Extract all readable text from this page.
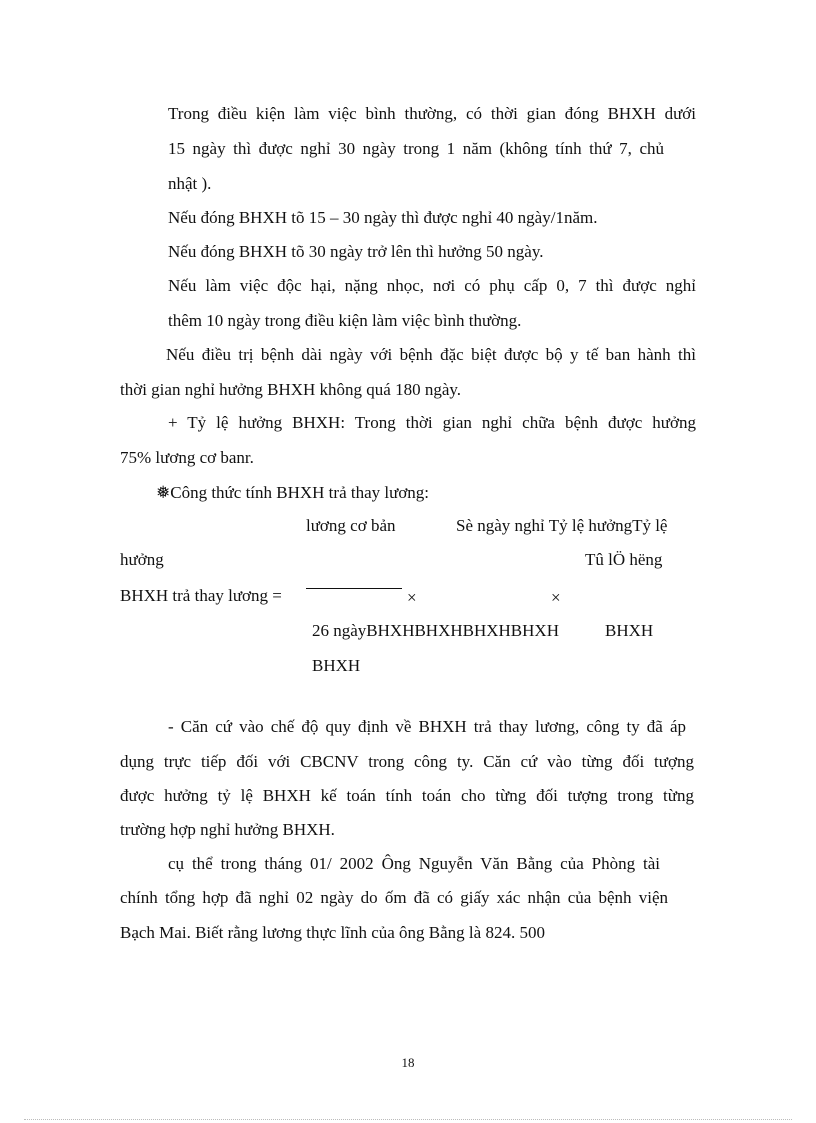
Trong điều kiện làm việc bình thường, có thời gian đóng BHXH dưới
15 ngày thì được nghỉ 30 ngày trong 1 năm (không tính thứ 7, chủ
nhật ).
Nếu đóng BHXH tõ 15 – 30 ngày thì được nghỉ 40 ngày/1năm.
Nếu đóng BHXH tõ 30 ngày trở lên thì hưởng 50 ngày.
Nếu làm việc độc hại, nặng nhọc, nơi có phụ cấp 0, 7 thì được nghỉ
thêm 10 ngày trong điều kiện làm việc bình thường.
Nếu điều trị bệnh dài ngày với bệnh đặc biệt được bộ y tế ban hành thì
thời gian nghỉ hưởng BHXH không quá 180 ngày.
+ Tỷ lệ hưởng BHXH: Trong thời gian nghỉ chữa bệnh được hưởng
75% lương cơ banr.
❅Công thức tính BHXH trả thay lương:
lương cơ bản	Sè ngày nghỉ Tỷ lệ hưởngTỷ lệ
hưởng	Tû lÖ hëng
BHXH trả thay lương =	×	×
26 ngàyBHXHBHXHBHXHBHXH	BHXH
BHXH
- Căn cứ vào chế độ quy định về BHXH trả thay lương, công ty đã áp
dụng trực tiếp đối với CBCNV trong công ty. Căn cứ vào từng đối tượng
được hưởng tỷ lệ BHXH kế toán tính toán cho từng đối tượng trong từng
trường hợp nghỉ hưởng BHXH.
cụ thể trong tháng 01/ 2002 Ông Nguyễn Văn Bằng của Phòng tài
chính tổng hợp đã nghỉ 02 ngày do ốm đã có giấy xác nhận của bệnh viện
Bạch Mai. Biết rằng lương thực lĩnh của ông Bằng là 824. 500
18
